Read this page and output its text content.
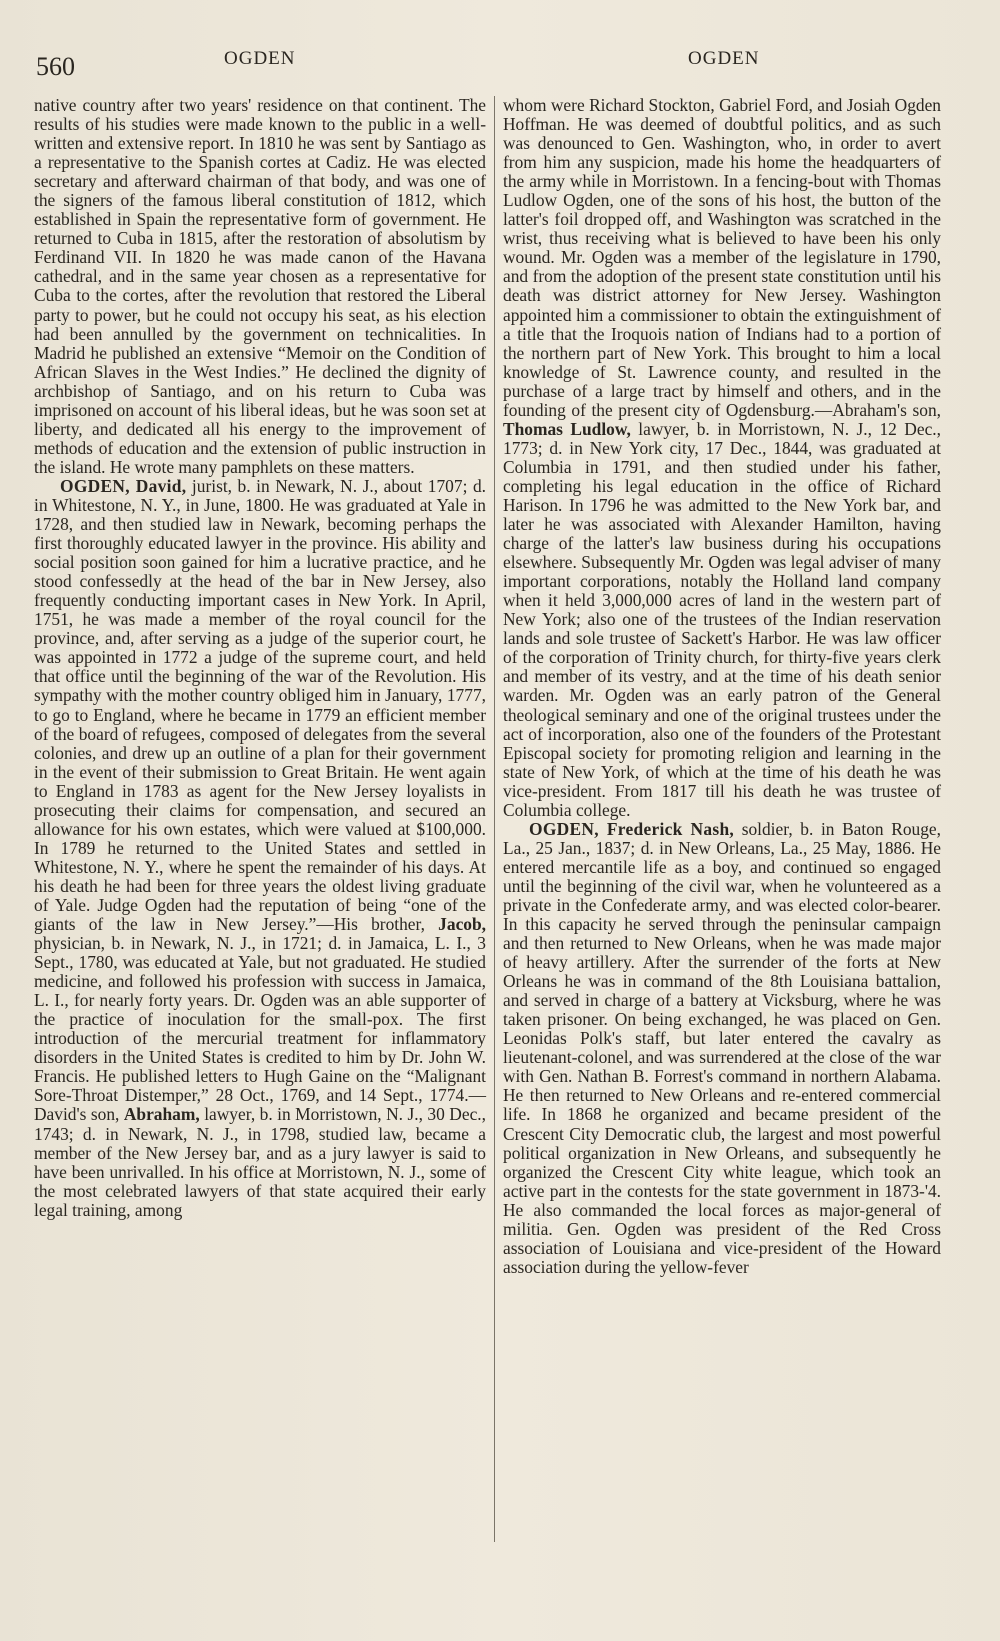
560	OGDEN	OGDEN

native country after two years' residence on that continent. The results of his studies were made known to the public in a well-written and extensive report. In 1810 he was sent by Santiago as a representative to the Spanish cortes at Cadiz. He was elected secretary and afterward chairman of that body, and was one of the signers of the famous liberal constitution of 1812, which established in Spain the representative form of government. He returned to Cuba in 1815, after the restoration of absolutism by Ferdinand VII. In 1820 he was made canon of the Havana cathedral, and in the same year chosen as a representative for Cuba to the cortes, after the revolution that restored the Liberal party to power, but he could not occupy his seat, as his election had been annulled by the government on technicalities. In Madrid he published an extensive “Memoir on the Condition of African Slaves in the West Indies.” He declined the dignity of archbishop of Santiago, and on his return to Cuba was imprisoned on account of his liberal ideas, but he was soon set at liberty, and dedicated all his energy to the improvement of methods of education and the extension of public instruction in the island. He wrote many pamphlets on these matters.

OGDEN, David, jurist, b. in Newark, N. J., about 1707; d. in Whitestone, N. Y., in June, 1800. He was graduated at Yale in 1728, and then studied law in Newark, becoming perhaps the first thoroughly educated lawyer in the province. His ability and social position soon gained for him a lucrative practice, and he stood confessedly at the head of the bar in New Jersey, also frequently conducting important cases in New York. In April, 1751, he was made a member of the royal council for the province, and, after serving as a judge of the superior court, he was appointed in 1772 a judge of the supreme court, and held that office until the beginning of the war of the Revolution. His sympathy with the mother country obliged him in January, 1777, to go to England, where he became in 1779 an efficient member of the board of refugees, composed of delegates from the several colonies, and drew up an outline of a plan for their government in the event of their submission to Great Britain. He went again to England in 1783 as agent for the New Jersey loyalists in prosecuting their claims for compensation, and secured an allowance for his own estates, which were valued at $100,000. In 1789 he returned to the United States and settled in Whitestone, N. Y., where he spent the remainder of his days. At his death he had been for three years the oldest living graduate of Yale. Judge Ogden had the reputation of being “one of the giants of the law in New Jersey.”—His brother, Jacob, physician, b. in Newark, N. J., in 1721; d. in Jamaica, L. I., 3 Sept., 1780, was educated at Yale, but not graduated. He studied medicine, and followed his profession with success in Jamaica, L. I., for nearly forty years. Dr. Ogden was an able supporter of the practice of inoculation for the small-pox. The first introduction of the mercurial treatment for inflammatory disorders in the United States is credited to him by Dr. John W. Francis. He published letters to Hugh Gaine on the “Malignant Sore-Throat Distemper,” 28 Oct., 1769, and 14 Sept., 1774.—David's son, Abraham, lawyer, b. in Morristown, N. J., 30 Dec., 1743; d. in Newark, N. J., in 1798, studied law, became a member of the New Jersey bar, and as a jury lawyer is said to have been unrivalled. In his office at Morristown, N. J., some of the most celebrated lawyers of that state acquired their early legal training, among

whom were Richard Stockton, Gabriel Ford, and Josiah Ogden Hoffman. He was deemed of doubtful politics, and as such was denounced to Gen. Washington, who, in order to avert from him any suspicion, made his home the headquarters of the army while in Morristown. In a fencing-bout with Thomas Ludlow Ogden, one of the sons of his host, the button of the latter's foil dropped off, and Washington was scratched in the wrist, thus receiving what is believed to have been his only wound. Mr. Ogden was a member of the legislature in 1790, and from the adoption of the present state constitution until his death was district attorney for New Jersey. Washington appointed him a commissioner to obtain the extinguishment of a title that the Iroquois nation of Indians had to a portion of the northern part of New York. This brought to him a local knowledge of St. Lawrence county, and resulted in the purchase of a large tract by himself and others, and in the founding of the present city of Ogdensburg.—Abraham's son, Thomas Ludlow, lawyer, b. in Morristown, N. J., 12 Dec., 1773; d. in New York city, 17 Dec., 1844, was graduated at Columbia in 1791, and then studied under his father, completing his legal education in the office of Richard Harison. In 1796 he was admitted to the New York bar, and later he was associated with Alexander Hamilton, having charge of the latter's law business during his occupations elsewhere. Subsequently Mr. Ogden was legal adviser of many important corporations, notably the Holland land company when it held 3,000,000 acres of land in the western part of New York; also one of the trustees of the Indian reservation lands and sole trustee of Sackett's Harbor. He was law officer of the corporation of Trinity church, for thirty-five years clerk and member of its vestry, and at the time of his death senior warden. Mr. Ogden was an early patron of the General theological seminary and one of the original trustees under the act of incorporation, also one of the founders of the Protestant Episcopal society for promoting religion and learning in the state of New York, of which at the time of his death he was vice-president. From 1817 till his death he was trustee of Columbia college.

OGDEN, Frederick Nash, soldier, b. in Baton Rouge, La., 25 Jan., 1837; d. in New Orleans, La., 25 May, 1886. He entered mercantile life as a boy, and continued so engaged until the beginning of the civil war, when he volunteered as a private in the Confederate army, and was elected color-bearer. In this capacity he served through the peninsular campaign and then returned to New Orleans, when he was made major of heavy artillery. After the surrender of the forts at New Orleans he was in command of the 8th Louisiana battalion, and served in charge of a battery at Vicksburg, where he was taken prisoner. On being exchanged, he was placed on Gen. Leonidas Polk's staff, but later entered the cavalry as lieutenant-colonel, and was surrendered at the close of the war with Gen. Nathan B. Forrest's command in northern Alabama. He then returned to New Orleans and re-entered commercial life. In 1868 he organized and became president of the Crescent City Democratic club, the largest and most powerful political organization in New Orleans, and subsequently he organized the Crescent City white league, which took an active part in the contests for the state government in 1873-'4. He also commanded the local forces as major-general of militia. Gen. Ogden was president of the Red Cross association of Louisiana and vice-president of the Howard association during the yellow-fever
